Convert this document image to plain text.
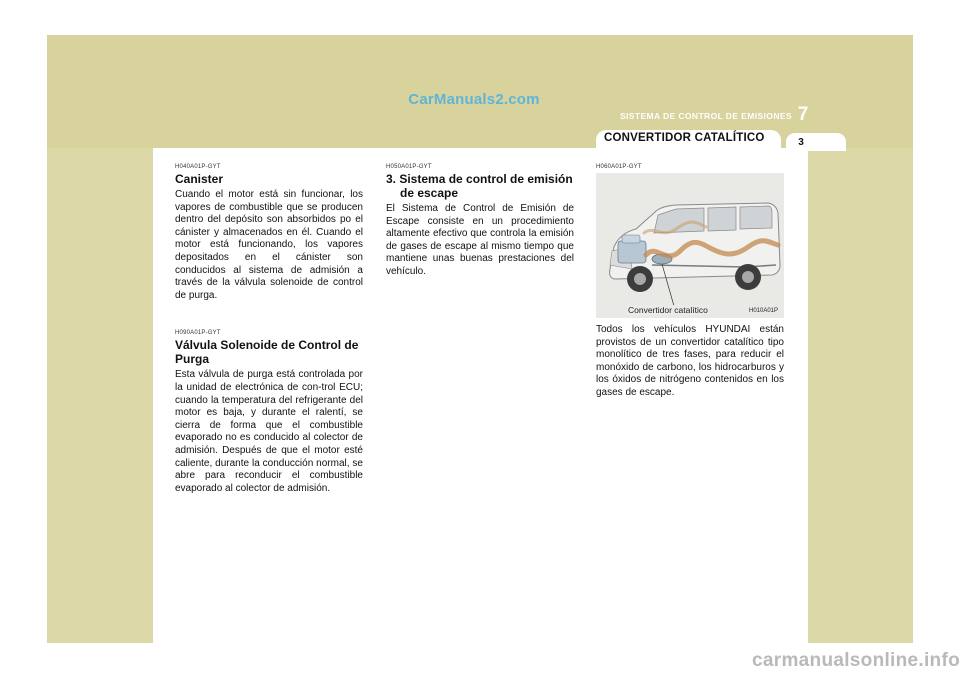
CarManuals2.com
SISTEMA DE CONTROL DE EMISIONES 7
CONVERTIDOR CATALÍTICO	3
H040A01P-GYT
Canister

Cuando el motor está sin funcionar, los vapores de combustible que se producen dentro del depósito son absorbidos po el cánister y almacenados en él. Cuando el motor está funcionando, los vapores depositados en el cánister son conducidos al sistema de admisión a través de la válvula solenoide de control de purga.

H090A01P-GYT
Válvula Solenoide de Control de Purga

Esta válvula de purga está controlada por la unidad de electrónica de con-trol ECU; cuando la temperatura del refrigerante del motor es baja, y durante el ralentí, se cierra de forma que el combustible evaporado no es conducido al colector de admisión. Después de que el motor esté caliente, durante la conducción normal, se abre para reconducir el combustible evaporado al colector de admisión.

H050A01P-GYT
3. Sistema de control de emisión de escape

El Sistema de Control de Emisión de Escape consiste en un procedimiento altamente efectivo que controla la emisión de gases de escape al mismo tiempo que mantiene unas buenas prestaciones del vehículo.

H060A01P-GYT
Convertidor catalítico	H010A01P

Todos los vehículos HYUNDAI están provistos de un convertidor catalítico tipo monolítico de tres fases, para reducir el monóxido de carbono, los hidrocarburos y los óxidos de nitrógeno contenidos en los gases de escape.

carmanualsonline.info
